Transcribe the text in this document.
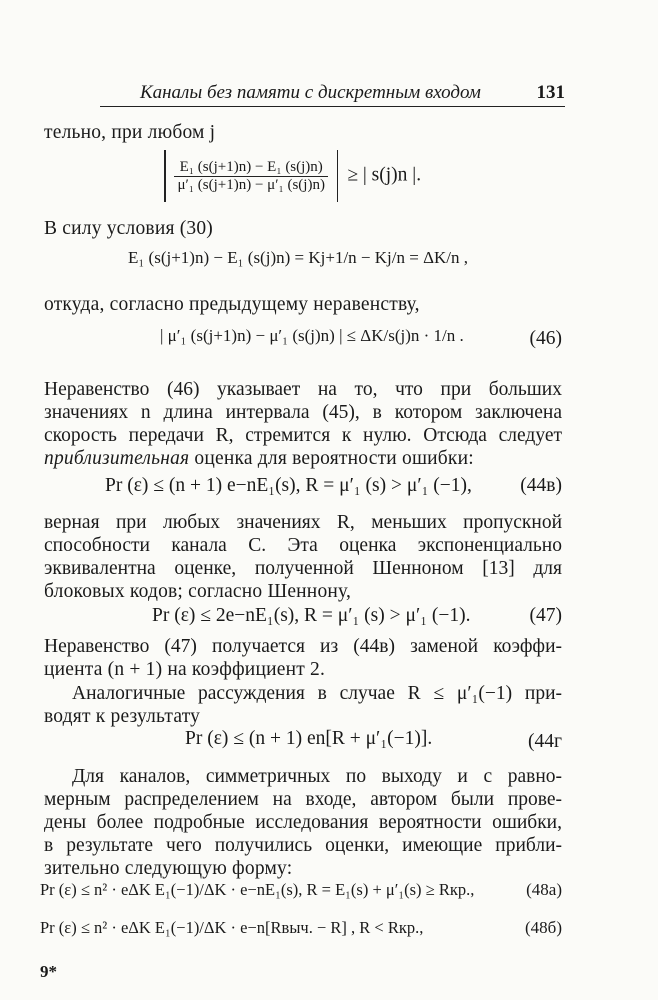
Каналы без памяти с дискретным входом	131
тельно, при любом j

$\frac{\text{E₁ (s(j+1)n) − E₁ (s(j)n)}}{\text{μ′₁ (s(j+1)n) − μ′₁ (s(j)n)}}$ ≥ | s(j)n |.
В силу условия (30)
E₁ (s(j+1)n) − E₁ (s(j)n) = Kj+1/n − Kj/n = ΔK/n ,
откуда, согласно предыдущему неравенству,
| μ′₁ (s(j+1)n) − μ′₁ (s(j)n) | ≤ ΔK/s(j)n · 1/n .	(46)
Неравенство (46) указывает на то, что при больших
значениях n длина интервала (45), в котором заключена
скорость передачи R, стремится к нулю. Отсюда следует
приблизительная оценка для вероятности ошибки:
Pr (ε) ≤ (n + 1) e−nE₁(s), R = μ′₁ (s) > μ′₁ (−1), (44в)
верная при любых значениях R, меньших пропускной
способности канала C. Эта оценка экспоненциально
эквивалентна оценке, полученной Шенноном [13] для
блоковых кодов; согласно Шеннону,
Pr (ε) ≤ 2e−nE₁(s), R = μ′₁ (s) > μ′₁ (−1).	(47)
Неравенство (47) получается из (44в) заменой коэффи-
циента (n + 1) на коэффициент 2.
Аналогичные рассуждения в случае R ≤ μ′₁(−1) при-
водят к результату
Pr (ε) ≤ (n + 1) en[R + μ′₁(−1)].	(44г
Для каналов, симметричных по выходу и с равно-
мерным распределением на входе, автором были прове-
дены более подробные исследования вероятности ошибки,
в результате чего получились оценки, имеющие прибли-
зительно следующую форму:
Pr (ε) ≤ n² · eΔK E₁(−1)/ΔK · e−nE₁(s), R = E₁(s) + μ′₁(s) ≥ Rкр.,	(48а)
Pr (ε) ≤ n² · eΔK E₁(−1)/ΔK · e−n[Rвыч. − R] , R < Rкр.,	(48б)
9*
